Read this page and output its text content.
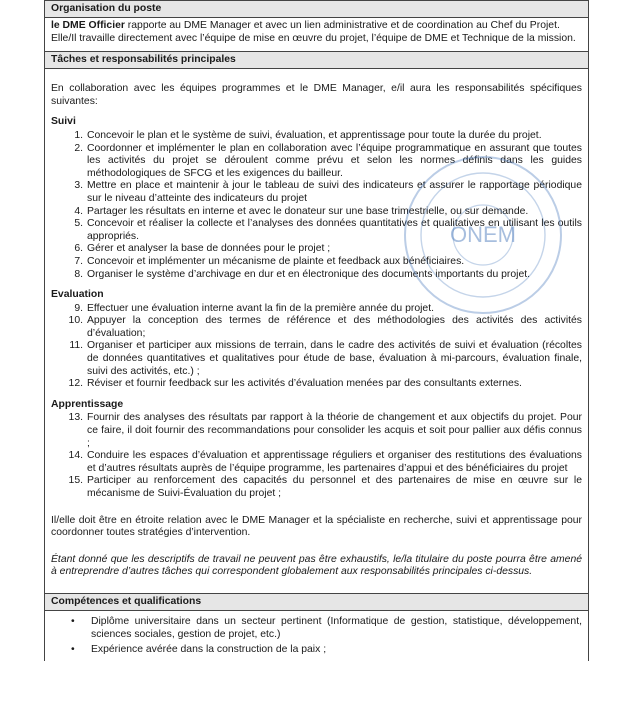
Organisation du poste

le DME Officier rapporte au DME Manager et avec un lien administrative et de coordination au Chef du Projet.

Elle/Il travaille directement avec l’équipe de mise en œuvre du projet, l’équipe de DME et Technique de la mission.

Tâches et responsabilités principales

En collaboration avec les équipes programmes et le DME Manager, e/il aura les responsabilités spécifiques suivantes:

Suivi
1. Concevoir le plan et le système de suivi, évaluation, et apprentissage pour toute la durée du projet.
2. Coordonner et implémenter le plan en collaboration avec l’équipe programmatique en assurant que toutes les activités du projet se déroulent comme prévu et selon les normes définis dans les guides méthodologiques de SFCG et les exigences du bailleur.
3. Mettre en place et maintenir à jour le tableau de suivi des indicateurs et assurer le rapportage périodique sur le niveau d’atteinte des indicateurs du projet
4. Partager les résultats en interne et avec le donateur sur une base trimestrielle, ou sur demande.
5. Concevoir et réaliser la collecte et l’analyses des données quantitatives et qualitatives en utilisant les outils appropriés.
6. Gérer et analyser la base de données pour le projet ;
7. Concevoir et implémenter un mécanisme de plainte et feedback aux bénéficiaires.
8. Organiser le système d’archivage en dur et en électronique des documents importants du projet.
Evaluation
9. Effectuer une évaluation interne avant la fin de la première année du projet.
10. Appuyer la conception des termes de référence et des méthodologies des activités des activités d’évaluation;
11. Organiser et participer aux missions de terrain, dans le cadre des activités de suivi et évaluation (récoltes de données quantitatives et qualitatives pour étude de base, évaluation à mi-parcours, évaluation finale, suivi des activités, etc.) ;
12. Réviser et fournir feedback sur les activités d’évaluation menées par des consultants externes.
Apprentissage
13. Fournir des analyses des résultats par rapport à la théorie de changement et aux objectifs du projet. Pour ce faire, il doit fournir des recommandations pour consolider les acquis et soit pour pallier aux défis connus ;
14. Conduire les espaces d’évaluation et apprentissage réguliers et organiser des restitutions des évaluations et d’autres résultats auprès de l’équipe programme, les partenaires d’appui et des bénéficiaires du projet
15. Participer au renforcement des capacités du personnel et des partenaires de mise en œuvre sur le mécanisme de Suivi-Évaluation du projet ;

Il/elle doit être en étroite relation avec le DME Manager et la spécialiste en recherche, suivi et apprentissage pour coordonner toutes stratégies d’intervention.

Étant donné que les descriptifs de travail ne peuvent pas être exhaustifs, le/la titulaire du poste pourra être amené à entreprendre d’autres tâches qui correspondent globalement aux responsabilités principales ci-dessus.

Compétences et qualifications
• Diplôme universitaire dans un secteur pertinent (Informatique de gestion, statistique, développement, sciences sociales, gestion de projet, etc.)
• Expérience avérée dans la construction de la paix ;
ONEM
